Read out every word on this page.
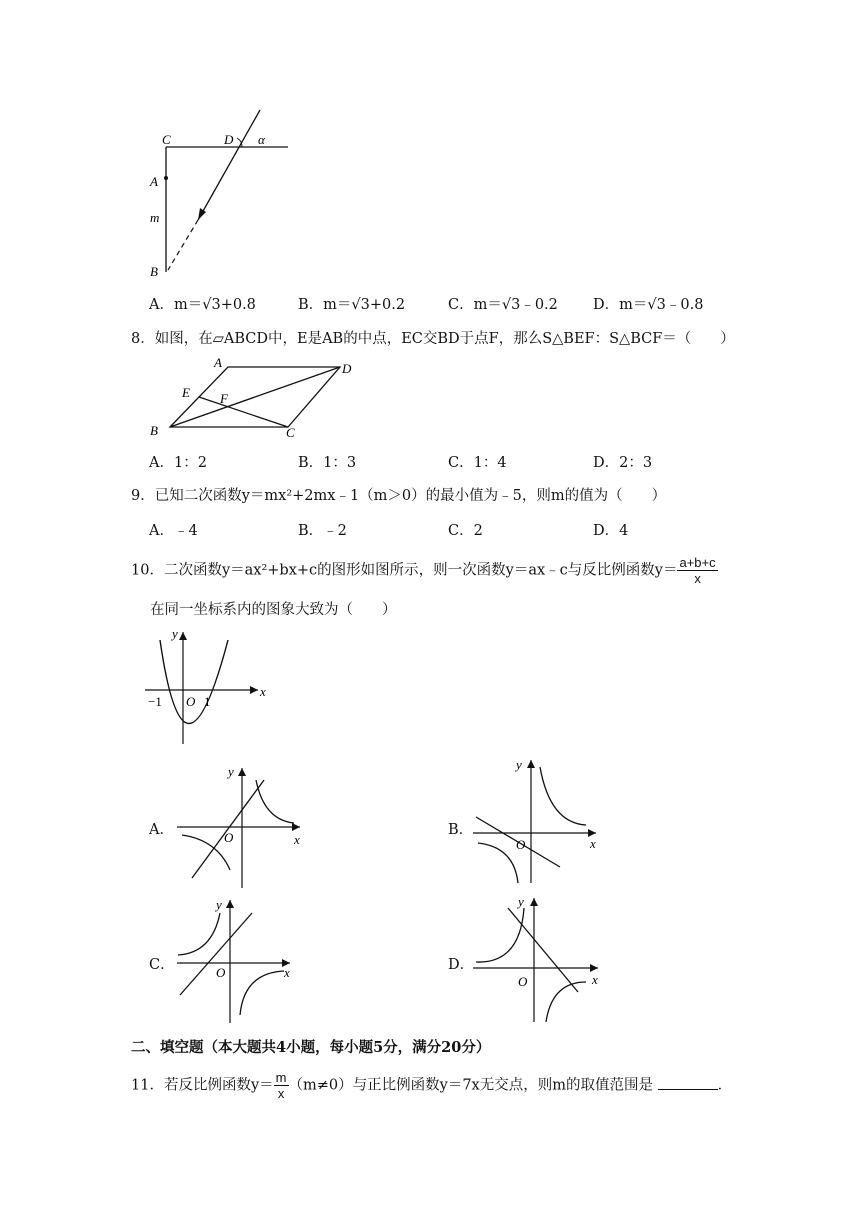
C	D α
A
m
B
A．m＝√3+0.8	B．m＝√3+0.2	C．m＝√3﹣0.2 D．m＝√3﹣0.8
8．如图，在▱ABCD中，E是AB的中点，EC交BD于点F，那么S△BEF：S△BCF＝（　　）
A	D
E F
B	C
A．1：2	B．1：3	C．1：4	D．2：3
9．已知二次函数y＝mx²+2mx﹣1（m＞0）的最小值为﹣5，则m的值为（　　）
A．﹣4	B．﹣2	C．2	D．4
10．二次函数y＝ax²+bx+c的图形如图所示，则一次函数y＝ax﹣c与反比例函数$y= \frac{a+b+c}{x}$
在同一坐标系内的图象大致为（　　）
y
x
−1 O 1
A．
y
x
O	B．
y
x
O
C．
y
x
O	D．
y
x
O
二、填空题（本大题共4小题，每小题5分，满分20分）
11．若反比例函数$y= \frac{m}{x} (m\ne 0)$与正比例函数y＝7x无交点，则m的取值范围是	．
